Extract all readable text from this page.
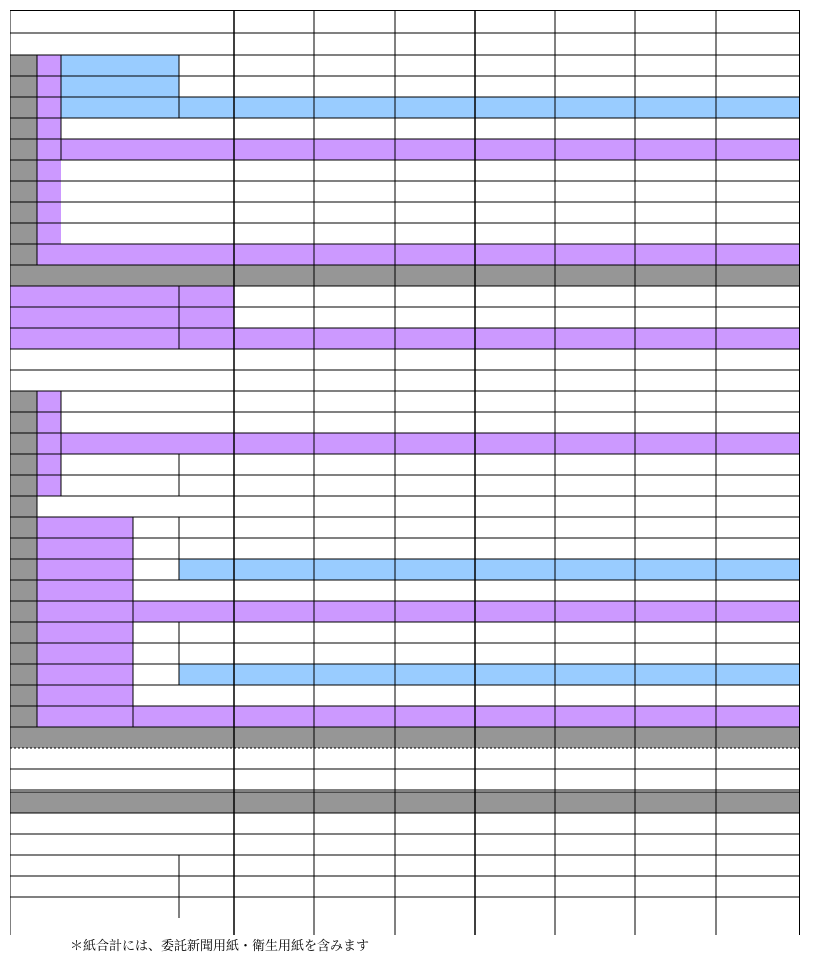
＊紙合計には、委託新聞用紙・衛生用紙を含みます
